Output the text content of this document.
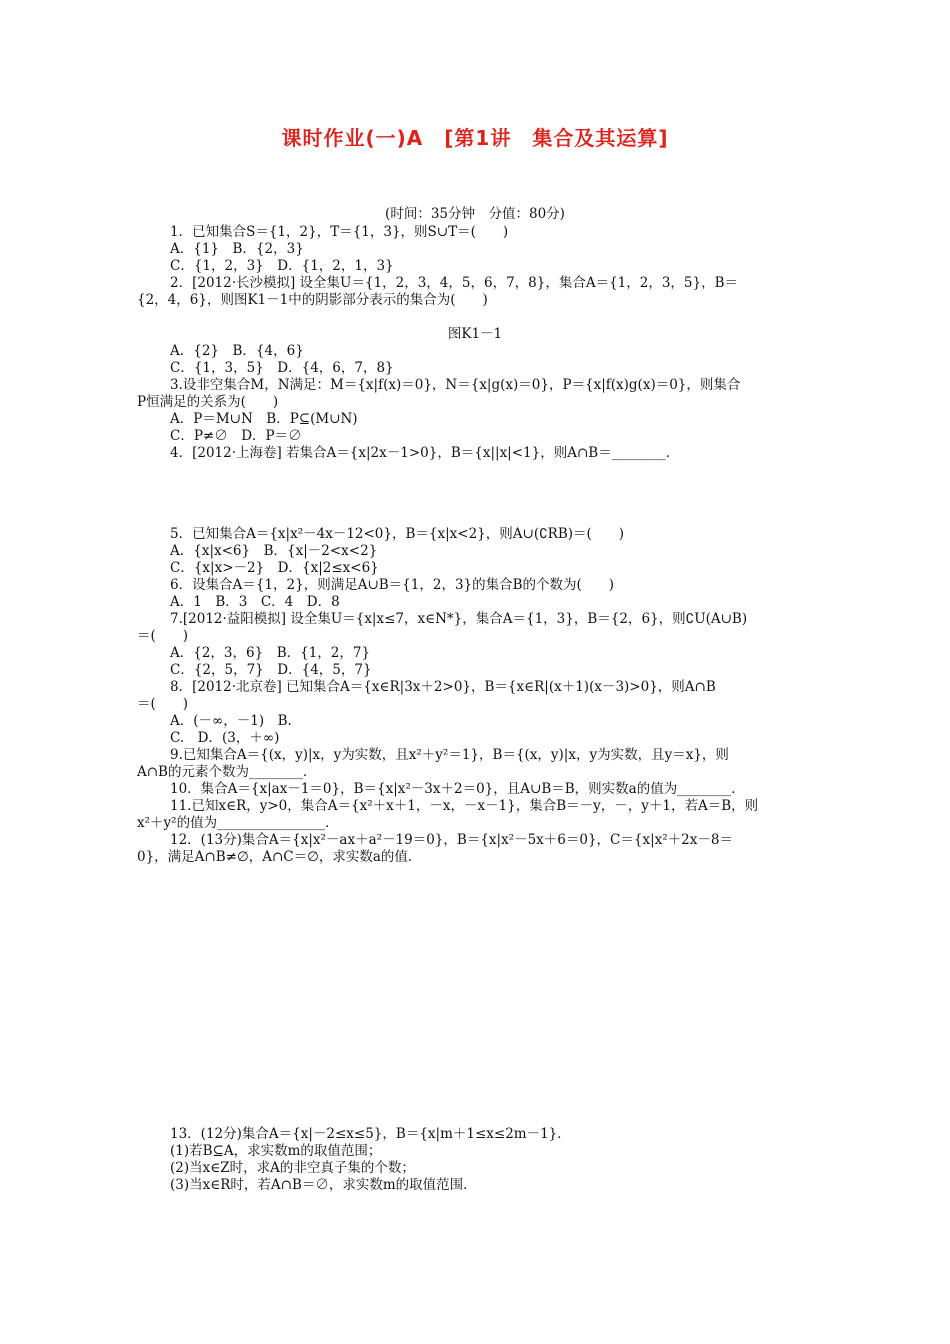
课时作业(一)A　[第1讲　集合及其运算]
(时间：35分钟　分值：80分)
1．已知集合S＝{1，2}，T＝{1，3}，则S∪T＝(　　)
A．{1}　B．{2，3}
C．{1，2，3}　D．{1，2，1，3}
2．[2012·长沙模拟] 设全集U＝{1，2，3，4，5，6，7，8}，集合A＝{1，2，3，5}，B＝
{2，4，6}，则图K1－1中的阴影部分表示的集合为(　　)
图K1－1
A．{2}　B．{4，6}
C．{1，3，5}　D．{4，6，7，8}
3.设非空集合M，N满足：M＝{x|f(x)＝0}，N＝{x|g(x)＝0}，P＝{x|f(x)g(x)＝0}，则集合
P恒满足的关系为(　　)
A．P＝M∪N　B．P⊆(M∪N)
C．P≠∅　D．P＝∅
4．[2012·上海卷] 若集合A＝{x|2x－1>0}，B＝{x||x|<1}，则A∩B＝________．
5．已知集合A＝{x|x²－4x－12<0}，B＝{x|x<2}，则A∪(∁RB)＝(　　)
A．{x|x<6}　B．{x|－2<x<2}
C．{x|x>－2}　D．{x|2≤x<6}
6．设集合A＝{1，2}，则满足A∪B＝{1，2，3}的集合B的个数为(　　)
A．1　B．3　C．4　D．8
7.[2012·益阳模拟] 设全集U＝{x|x≤7，x∈N*}，集合A＝{1，3}，B＝{2，6}，则∁U(A∪B)
＝(　　)
A．{2，3，6}　B．{1，2，7}
C．{2，5，7}　D．{4，5，7}
8．[2012·北京卷] 已知集合A＝{x∈R|3x＋2>0}，B＝{x∈R|(x＋1)(x－3)>0}，则A∩B
＝(　　)
A．(－∞，－1)　B.
C.　D．(3，＋∞)
9.已知集合A＝{(x，y)|x，y为实数，且x²＋y²＝1}，B＝{(x，y)|x，y为实数，且y＝x}，则
A∩B的元素个数为________．
10．集合A＝{x|ax－1＝0}，B＝{x|x²－3x＋2＝0}，且A∪B＝B，则实数a的值为________．
11.已知x∈R，y>0，集合A＝{x²＋x＋1，－x，－x－1}，集合B＝－y，－，y＋1，若A＝B，则
x²＋y²的值为________________．
12．(13分)集合A＝{x|x²－ax＋a²－19＝0}，B＝{x|x²－5x＋6＝0}，C＝{x|x²＋2x－8＝
0}，满足A∩B≠∅，A∩C＝∅，求实数a的值．
13．(12分)集合A＝{x|－2≤x≤5}，B＝{x|m＋1≤x≤2m－1}．
(1)若B⊆A，求实数m的取值范围；
(2)当x∈Z时，求A的非空真子集的个数；
(3)当x∈R时，若A∩B＝∅，求实数m的取值范围．
